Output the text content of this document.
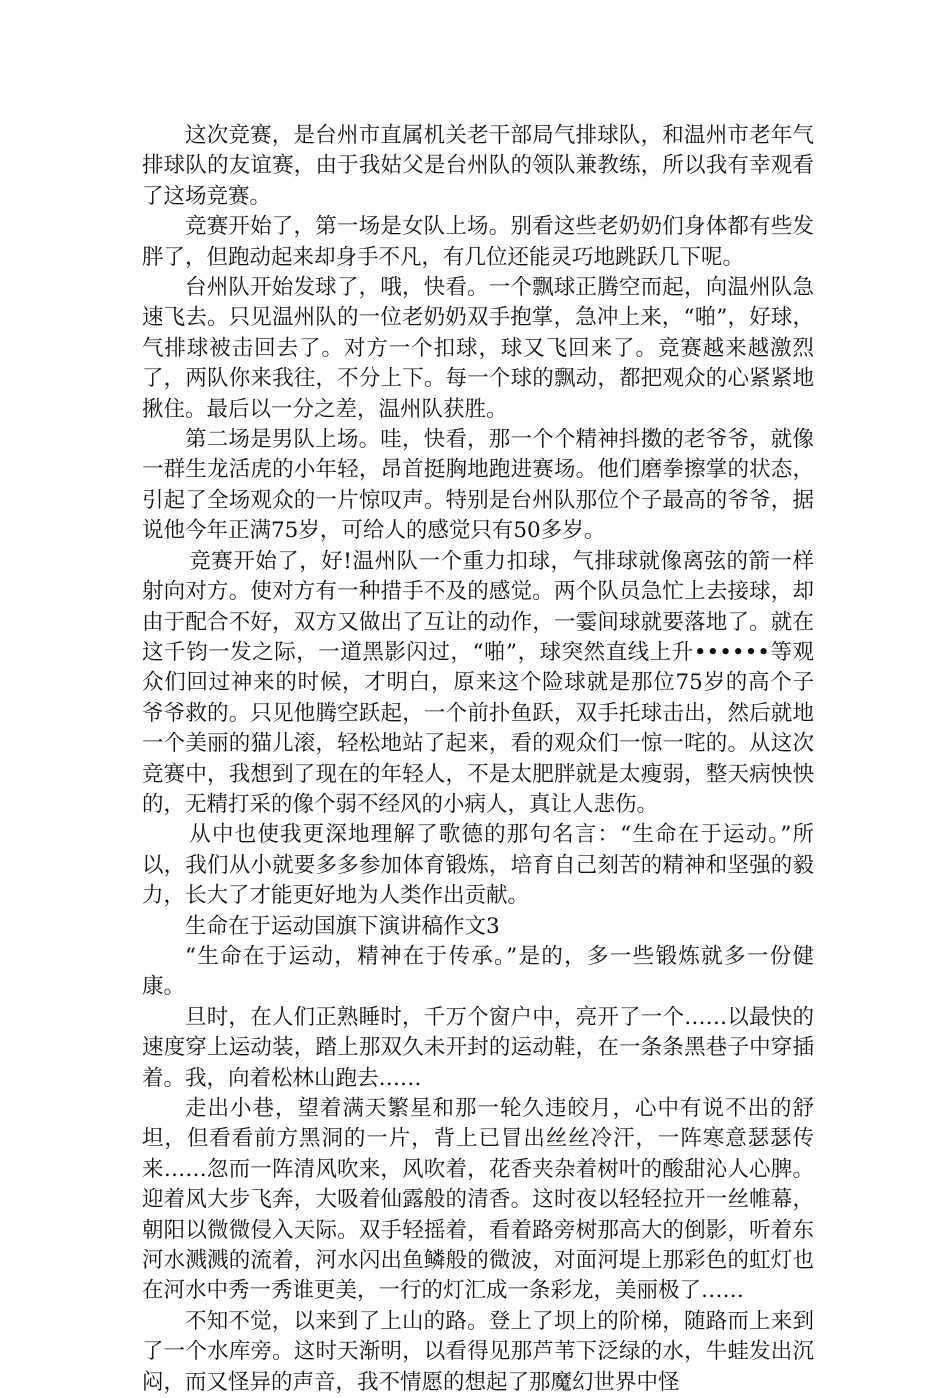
这次竞赛，是台州市直属机关老干部局气排球队，和温州市老年气排球队的友谊赛，由于我姑父是台州队的领队兼教练，所以我有幸观看了这场竞赛。

竞赛开始了，第一场是女队上场。别看这些老奶奶们身体都有些发胖了，但跑动起来却身手不凡，有几位还能灵巧地跳跃几下呢。

台州队开始发球了，哦，快看。一个飘球正腾空而起，向温州队急速飞去。只见温州队的一位老奶奶双手抱掌，急冲上来，“啪”，好球，气排球被击回去了。对方一个扣球，球又飞回来了。竞赛越来越激烈了，两队你来我往，不分上下。每一个球的飘动，都把观众的心紧紧地揪住。最后以一分之差，温州队获胜。

第二场是男队上场。哇，快看，那一个个精神抖擞的老爷爷，就像一群生龙活虎的小年轻，昂首挺胸地跑进赛场。他们磨拳擦掌的状态，引起了全场观众的一片惊叹声。特别是台州队那位个子最高的爷爷，据说他今年正满75岁，可给人的感觉只有50多岁。

竞赛开始了，好!温州队一个重力扣球，气排球就像离弦的箭一样射向对方。使对方有一种措手不及的感觉。两个队员急忙上去接球，却由于配合不好，双方又做出了互让的动作，一霎间球就要落地了。就在这千钧一发之际，一道黑影闪过，“啪”，球突然直线上升••••••等观众们回过神来的时候，才明白，原来这个险球就是那位75岁的高个子爷爷救的。只见他腾空跃起，一个前扑鱼跃，双手托球击出，然后就地一个美丽的猫儿滚，轻松地站了起来，看的观众们一惊一咤的。从这次竞赛中，我想到了现在的年轻人，不是太肥胖就是太瘦弱，整天病怏怏的，无精打采的像个弱不经风的小病人，真让人悲伤。

从中也使我更深地理解了歌德的那句名言：“生命在于运动。”所以，我们从小就要多多参加体育锻炼，培育自己刻苦的精神和坚强的毅力，长大了才能更好地为人类作出贡献。

生命在于运动国旗下演讲稿作文3

“生命在于运动，精神在于传承。”是的，多一些锻炼就多一份健康。

旦时，在人们正熟睡时，千万个窗户中，亮开了一个……以最快的速度穿上运动装，踏上那双久未开封的运动鞋，在一条条黑巷子中穿插着。我，向着松林山跑去……

走出小巷，望着满天繁星和那一轮久违皎月，心中有说不出的舒坦，但看看前方黑洞的一片，背上已冒出丝丝冷汗，一阵寒意瑟瑟传来……忽而一阵清风吹来，风吹着，花香夹杂着树叶的酸甜沁人心脾。迎着风大步飞奔，大吸着仙露般的清香。这时夜以轻轻拉开一丝帷幕，朝阳以微微侵入天际。双手轻摇着，看着路旁树那高大的倒影，听着东河水溅溅的流着，河水闪出鱼鳞般的微波，对面河堤上那彩色的虹灯也在河水中秀一秀谁更美，一行的灯汇成一条彩龙，美丽极了……

不知不觉，以来到了上山的路。登上了坝上的阶梯，随路而上来到了一个水库旁。这时天渐明，以看得见那芦苇下泛绿的水，牛蛙发出沉闷，而又怪异的声音，我不情愿的想起了那魔幻世界中怪
